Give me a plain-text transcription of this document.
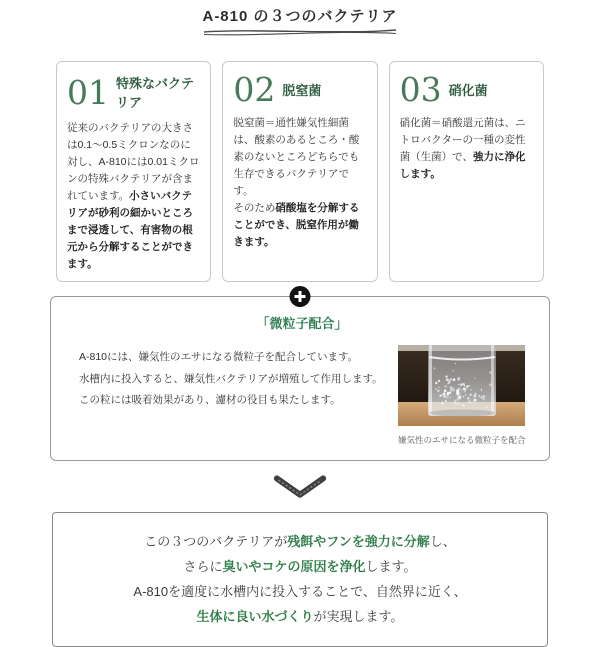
A-810 の３つのバクテリア
01 特殊なバクテリア
従来のバクテリアの大きさは0.1〜0.5ミクロンなのに対し、A-810には0.01ミクロンの特殊バクテリアが含まれています。小さいバクテリアが砂利の細かいところまで浸透して、有害物の根元から分解することができます。
02 脱窒菌
脱窒菌＝通性嫌気性細菌は、酸素のあるところ・酸素のないところどちらでも生存できるバクテリアです。
そのため硝酸塩を分解することができ、脱窒作用が働きます。
03 硝化菌
硝化菌＝硝酸還元菌は、ニトロバクターの一種の変性菌（生菌）で、強力に浄化します。
「微粒子配合」
A-810には、嫌気性のエサになる微粒子を配合しています。
水槽内に投入すると、嫌気性バクテリアが増殖して作用します。
この粒には吸着効果があり、濾材の役目も果たします。
嫌気性のエサになる微粒子を配合
この３つのバクテリアが残餌やフンを強力に分解し、
さらに臭いやコケの原因を浄化します。
A-810を適度に水槽内に投入することで、自然界に近く、
生体に良い水づくりが実現します。
